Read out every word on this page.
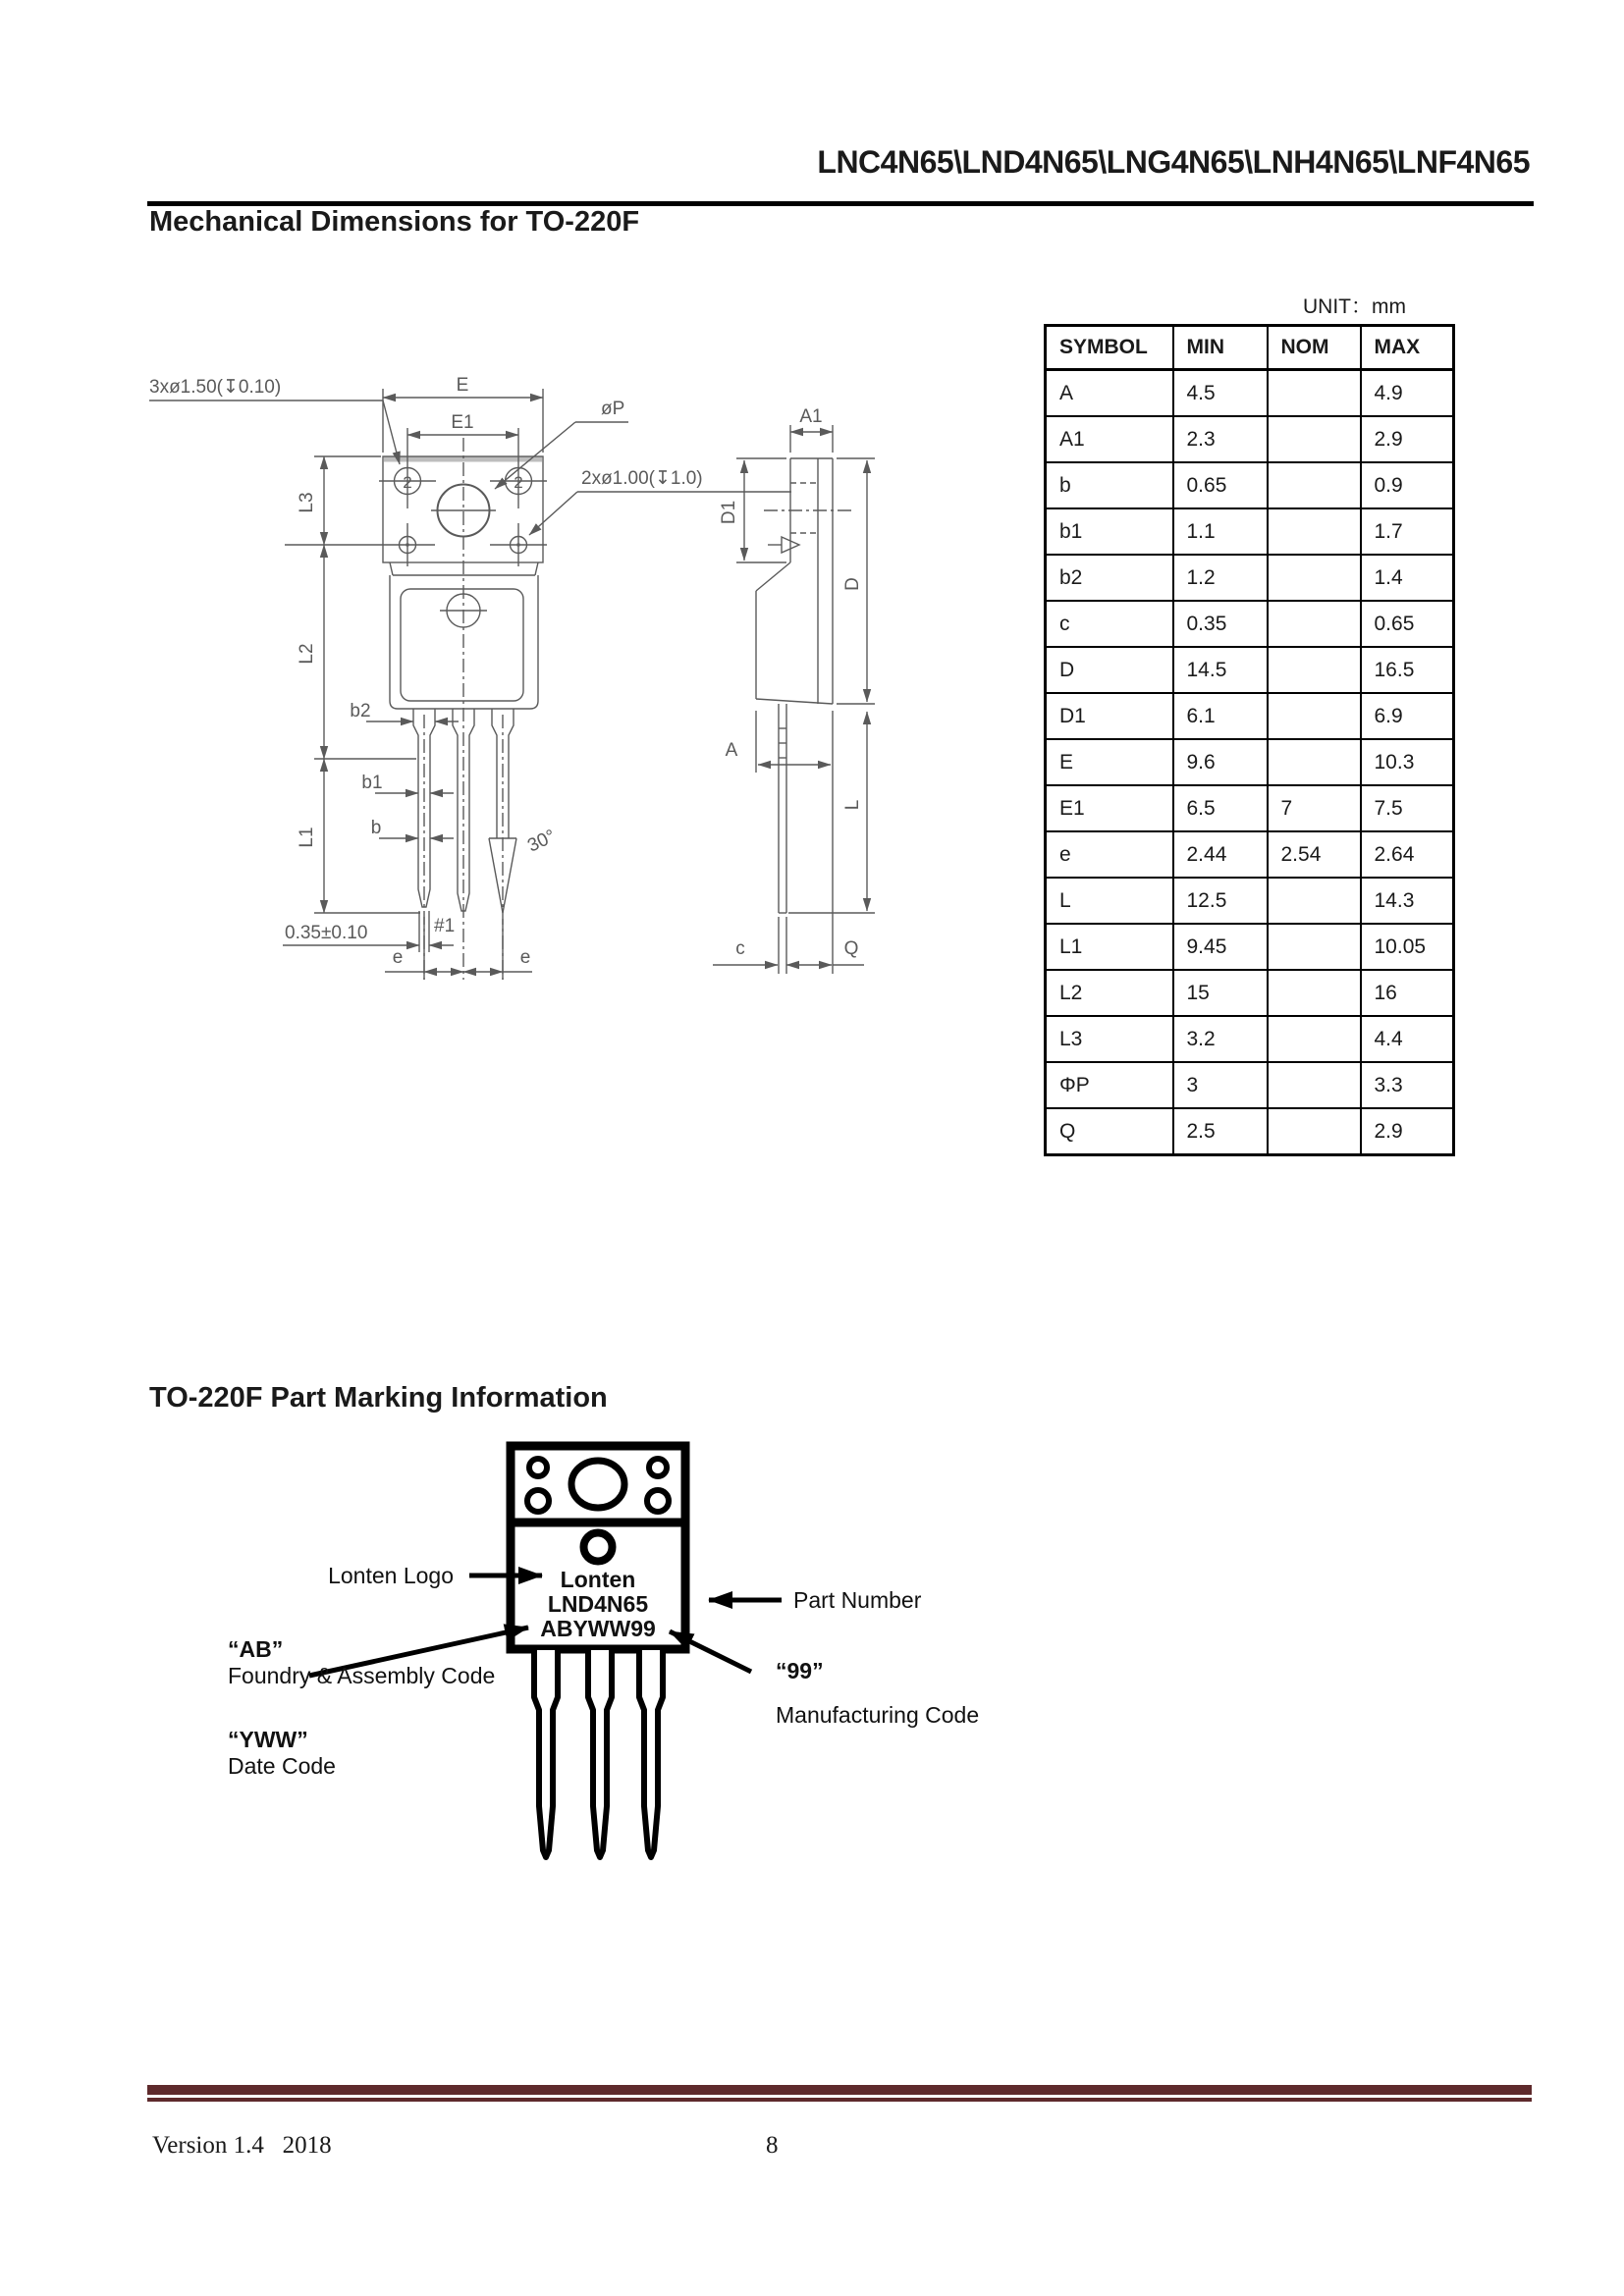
LNC4N65\LND4N65\LNG4N65\LNH4N65\LNF4N65
Mechanical Dimensions for TO-220F
UNIT：mm
E
E1
3xø1.50(↧0.10)
øP
2xø1.00(↧1.0)
2	2
L3
L2
L1
b2
b1
b
0.35±0.10	#1
e	e
30°
A1
D1
D
A
L
c	Q
SYMBOL	MIN	NOM	MAX
A	4.5		4.9
A1	2.3		2.9
b	0.65		0.9
b1	1.1		1.7
b2	1.2		1.4
c	0.35		0.65
D	14.5		16.5
D1	6.1		6.9
E	9.6		10.3
E1	6.5	7	7.5
e	2.44	2.54	2.64
L	12.5		14.3
L1	9.45		10.05
L2	15		16
L3	3.2		4.4
ΦP	3		3.3
Q	2.5		2.9
TO-220F Part Marking Information
Lonten
LND4N65
ABYWW99
Lonten Logo
Part Number
“AB”
Foundry & Assembly Code
“YWW”
Date Code
“99”
Manufacturing Code
Version 1.4   2018	8
